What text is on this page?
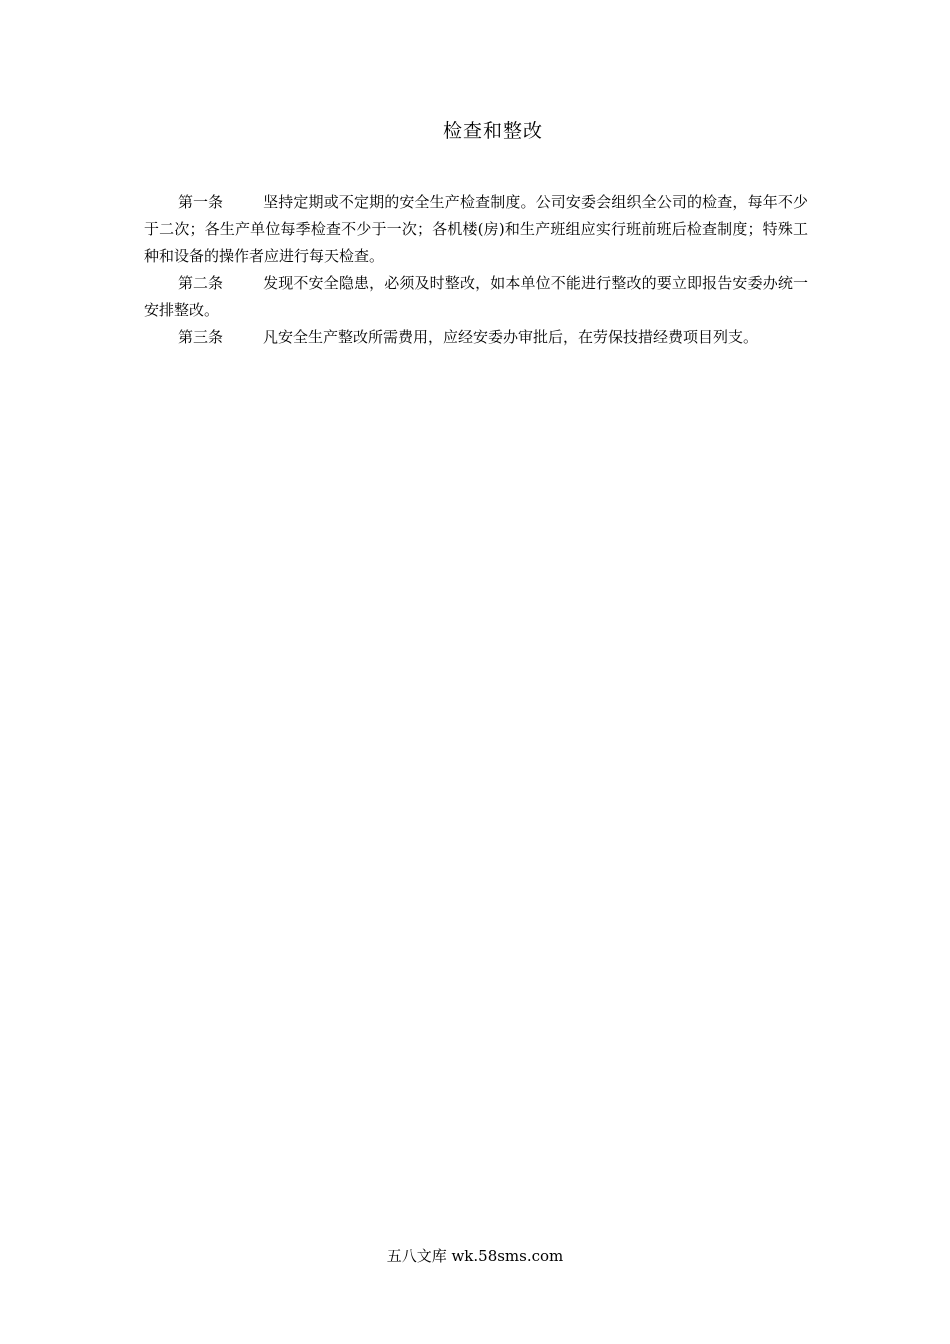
检查和整改

第一条	坚持定期或不定期的安全生产检查制度。公司安委会组织全公司的检查，每年不少于二次；各生产单位每季检查不少于一次；各机楼(房)和生产班组应实行班前班后检查制度；特殊工种和设备的操作者应进行每天检查。

第二条	发现不安全隐患，必须及时整改，如本单位不能进行整改的要立即报告安委办统一安排整改。

第三条	凡安全生产整改所需费用，应经安委办审批后，在劳保技措经费项目列支。

五八文库 wk.58sms.com
